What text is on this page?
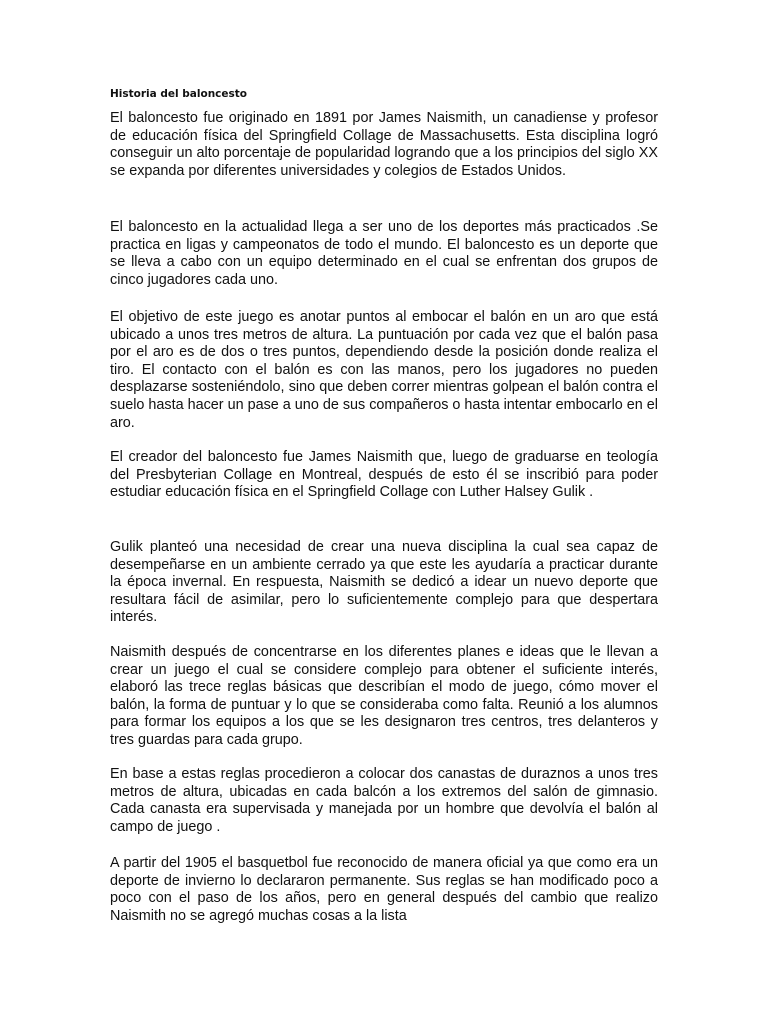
Historia del baloncesto

El baloncesto fue originado en 1891 por James Naismith, un canadiense y profesor de educación física del Springfield Collage de Massachusetts. Esta disciplina logró conseguir un alto porcentaje de popularidad logrando que a los principios del siglo XX se expanda por diferentes universidades y colegios de Estados Unidos.

El baloncesto en la actualidad llega a ser uno de los deportes más practicados .Se practica en ligas y campeonatos de todo el mundo. El baloncesto es un deporte que se lleva a cabo con un equipo determinado en el cual se enfrentan dos grupos de cinco jugadores cada uno.

El objetivo de este juego es anotar puntos al embocar el balón en un aro que está ubicado a unos tres metros de altura. La puntuación por cada vez que el balón pasa por el aro es de dos o tres puntos, dependiendo desde la posición donde realiza el tiro. El contacto con el balón es con las manos, pero los jugadores no pueden desplazarse sosteniéndolo, sino que deben correr mientras golpean el balón contra el suelo hasta hacer un pase a uno de sus compañeros o hasta intentar embocarlo en el aro.

El creador del baloncesto fue James Naismith que, luego de graduarse en teología del Presbyterian Collage en Montreal, después de esto él se inscribió para poder estudiar educación física en el Springfield Collage con Luther Halsey Gulik .

Gulik planteó una necesidad de crear una nueva disciplina la cual sea capaz de desempeñarse en un ambiente cerrado ya que este les ayudaría a practicar durante la época invernal. En respuesta, Naismith se dedicó a idear un nuevo deporte que resultara fácil de asimilar, pero lo suficientemente complejo para que despertara interés.

Naismith después de concentrarse en los diferentes planes e ideas que le llevan a crear un juego el cual se considere complejo para obtener el suficiente interés, elaboró las trece reglas básicas que describían el modo de juego, cómo mover el balón, la forma de puntuar y lo que se consideraba como falta. Reunió a los alumnos para formar los equipos a los que se les designaron tres centros, tres delanteros y tres guardas para cada grupo.

En base a estas reglas procedieron a colocar dos canastas de duraznos a unos tres metros de altura, ubicadas en cada balcón a los extremos del salón de gimnasio. Cada canasta era supervisada y manejada por un hombre que devolvía el balón al campo de juego .

A partir del 1905 el basquetbol fue reconocido de manera oficial ya que como era un deporte de invierno lo declararon permanente. Sus reglas se han modificado poco a poco con el paso de los años, pero en general después del cambio que realizo Naismith no se agregó muchas cosas a la lista
